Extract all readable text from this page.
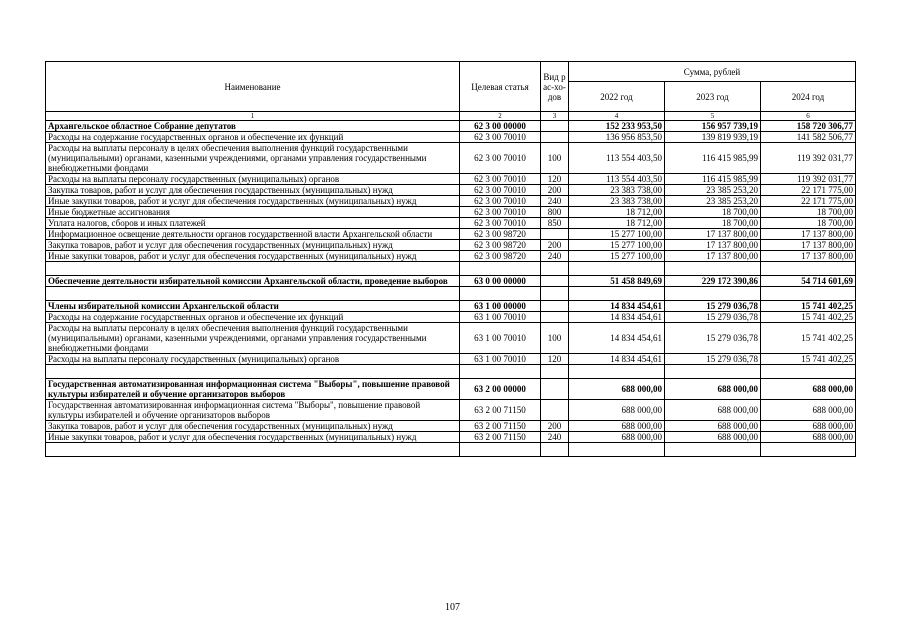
Наименование	Целевая статья	Вид рас-хо-дов	Сумма, рублей		
			2022 год	2023 год	2024 год
1	2	3	4	5	6
Архангельское областное Собрание депутатов	62 3 00 00000		152 233 953,50	156 957 739,19	158 720 306,77
Расходы на содержание государственных органов и обеспечение их функций	62 3 00 70010		136 956 853,50	139 819 939,19	141 582 506,77
Расходы на выплаты персоналу в целях обеспечения выполнения функций государственными (муниципальными) органами, казенными учреждениями, органами управления государственными внебюджетными фондами	62 3 00 70010	100	113 554 403,50	116 415 985,99	119 392 031,77
Расходы на выплаты персоналу государственных (муниципальных) органов	62 3 00 70010	120	113 554 403,50	116 415 985,99	119 392 031,77
Закупка товаров, работ и услуг для обеспечения государственных (муниципальных) нужд	62 3 00 70010	200	23 383 738,00	23 385 253,20	22 171 775,00
Иные закупки товаров, работ и услуг для обеспечения государственных (муниципальных) нужд	62 3 00 70010	240	23 383 738,00	23 385 253,20	22 171 775,00
Иные бюджетные ассигнования	62 3 00 70010	800	18 712,00	18 700,00	18 700,00
Уплата налогов, сборов и иных платежей	62 3 00 70010	850	18 712,00	18 700,00	18 700,00
Информационное освещение деятельности органов государственной власти Архангельской области	62 3 00 98720		15 277 100,00	17 137 800,00	17 137 800,00
Закупка товаров, работ и услуг для обеспечения государственных (муниципальных) нужд	62 3 00 98720	200	15 277 100,00	17 137 800,00	17 137 800,00
Иные закупки товаров, работ и услуг для обеспечения государственных (муниципальных) нужд	62 3 00 98720	240	15 277 100,00	17 137 800,00	17 137 800,00

Обеспечение деятельности избирательной комиссии Архангельской области, проведение выборов	63 0 00 00000		51 458 849,69	229 172 390,86	54 714 601,69

Члены избирательной комиссии Архангельской области	63 1 00 00000		14 834 454,61	15 279 036,78	15 741 402,25
Расходы на содержание государственных органов и обеспечение их функций	63 1 00 70010		14 834 454,61	15 279 036,78	15 741 402,25
Расходы на выплаты персоналу в целях обеспечения выполнения функций государственными (муниципальными) органами, казенными учреждениями, органами управления государственными внебюджетными фондами	63 1 00 70010	100	14 834 454,61	15 279 036,78	15 741 402,25
Расходы на выплаты персоналу государственных (муниципальных) органов	63 1 00 70010	120	14 834 454,61	15 279 036,78	15 741 402,25

Государственная автоматизированная информационная система "Выборы", повышение правовой культуры избирателей и обучение организаторов выборов	63 2 00 00000		688 000,00	688 000,00	688 000,00
Государственная автоматизированная информационная система "Выборы", повышение правовой культуры избирателей и обучение организаторов выборов	63 2 00 71150		688 000,00	688 000,00	688 000,00
Закупка товаров, работ и услуг для обеспечения государственных (муниципальных) нужд	63 2 00 71150	200	688 000,00	688 000,00	688 000,00
Иные закупки товаров, работ и услуг для обеспечения государственных (муниципальных) нужд	63 2 00 71150	240	688 000,00	688 000,00	688 000,00

107
